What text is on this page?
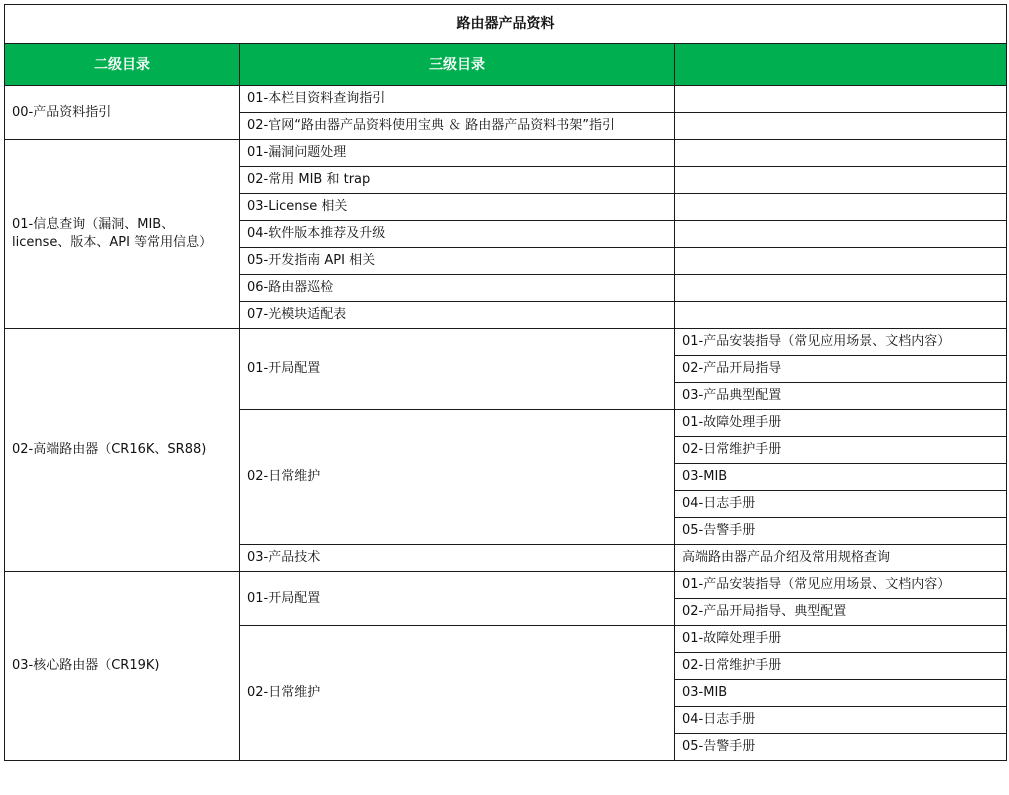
路由器产品资料		
二级目录	三级目录	
00-产品资料指引	01-本栏目资料查询指引	
	02-官网“路由器产品资料使用宝典 ＆ 路由器产品资料书架”指引	
01-信息查询（漏洞、MIB、
license、版本、API 等常用信息）	01-漏洞问题处理	
	02-常用 MIB 和 trap	
	03-License 相关	
	04-软件版本推荐及升级	
	05-开发指南 API 相关	
	06-路由器巡检	
	07-光模块适配表	
02-高端路由器（CR16K、SR88)	01-开局配置	01-产品安装指导（常见应用场景、文档内容）
		02-产品开局指导
		03-产品典型配置
	02-日常维护	01-故障处理手册
		02-日常维护手册
		03-MIB
		04-日志手册
		05-告警手册
	03-产品技术	高端路由器产品介绍及常用规格查询
03-核心路由器（CR19K)	01-开局配置	01-产品安装指导（常见应用场景、文档内容）
		02-产品开局指导、典型配置
	02-日常维护	01-故障处理手册
		02-日常维护手册
		03-MIB
		04-日志手册
		05-告警手册
